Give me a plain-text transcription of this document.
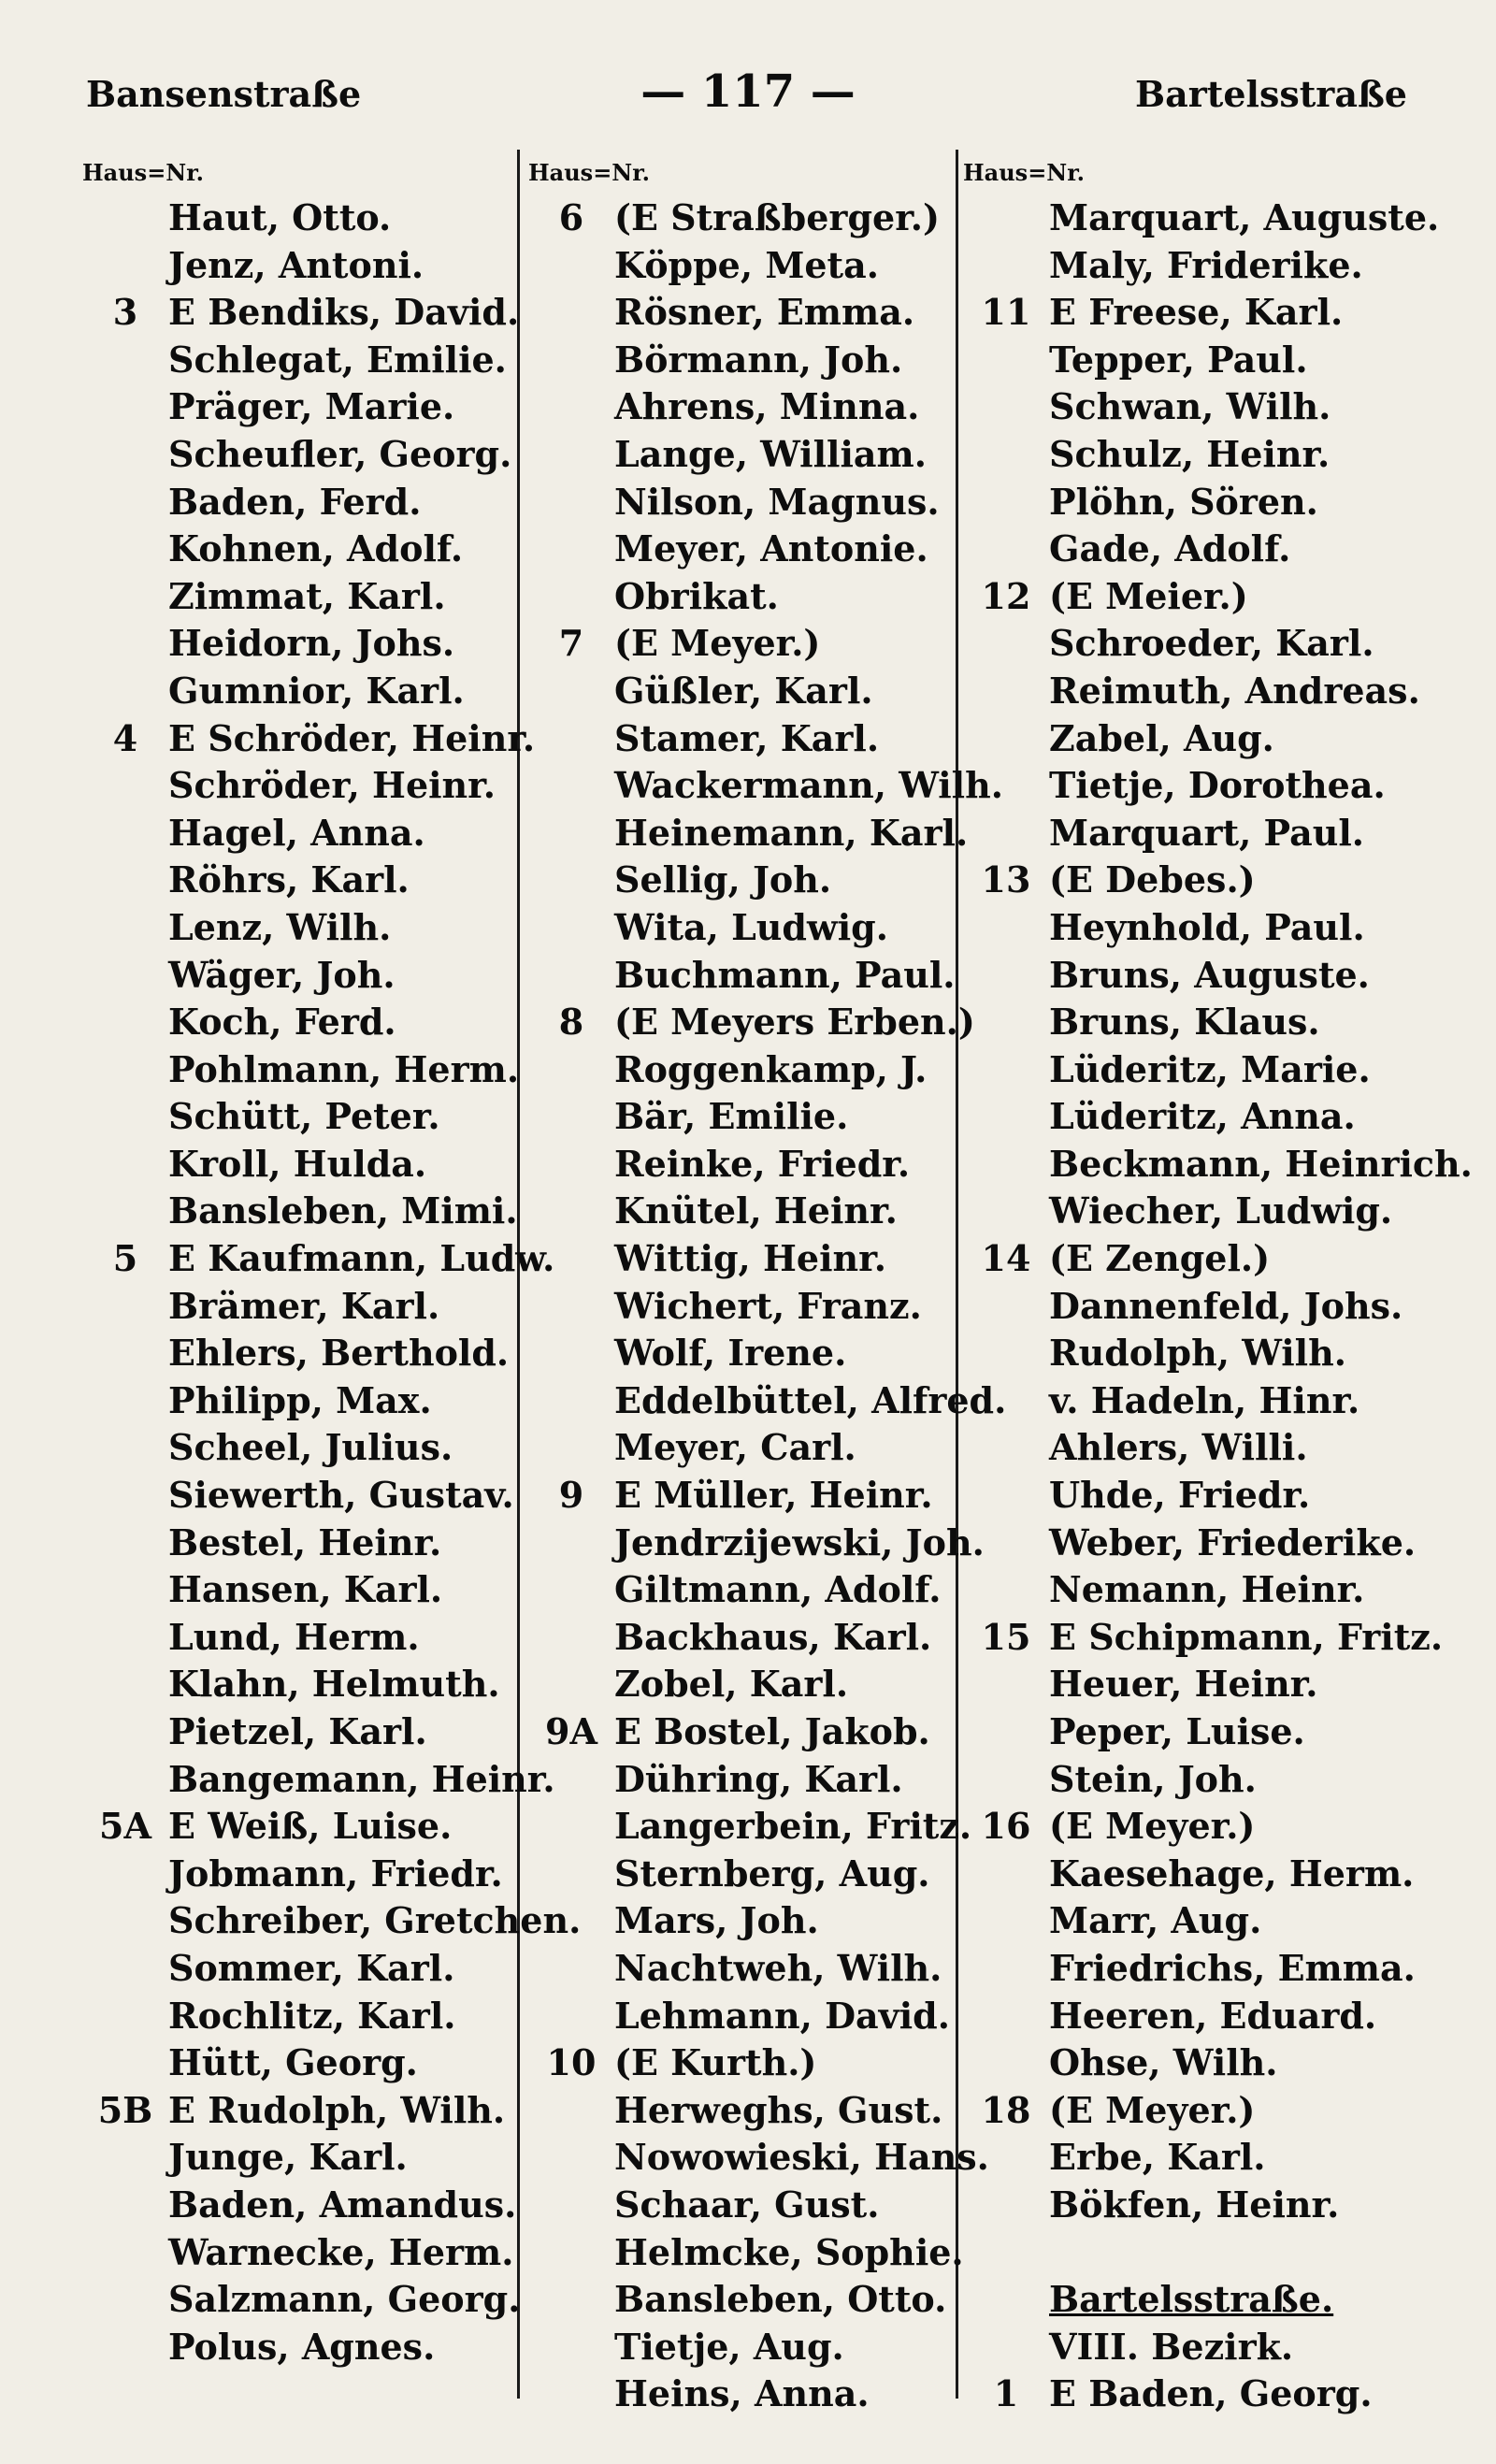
Bansenstraße	— 117 —	Bartelsstraße
Haus=Nr.
Haut, Otto.
Jenz, Antoni.
3 E Bendiks, David.
Schlegat, Emilie.
Präger, Marie.
Scheufler, Georg.
Baden, Ferd.
Kohnen, Adolf.
Zimmat, Karl.
Heidorn, Johs.
Gumnior, Karl.
4 E Schröder, Heinr.
Schröder, Heinr.
Hagel, Anna.
Röhrs, Karl.
Lenz, Wilh.
Wäger, Joh.
Koch, Ferd.
Pohlmann, Herm.
Schütt, Peter.
Kroll, Hulda.
Bansleben, Mimi.
5 E Kaufmann, Ludw.
Brämer, Karl.
Ehlers, Berthold.
Philipp, Max.
Scheel, Julius.
Siewerth, Gustav.
Bestel, Heinr.
Hansen, Karl.
Lund, Herm.
Klahn, Helmuth.
Pietzel, Karl.
Bangemann, Heinr.
5A E Weiß, Luise.
Jobmann, Friedr.
Schreiber, Gretchen.
Sommer, Karl.
Rochlitz, Karl.
Hütt, Georg.
5B E Rudolph, Wilh.
Junge, Karl.
Baden, Amandus.
Warnecke, Herm.
Salzmann, Georg.
Polus, Agnes.
Haus=Nr.
6 (E Straßberger.)
Köppe, Meta.
Rösner, Emma.
Börmann, Joh.
Ahrens, Minna.
Lange, William.
Nilson, Magnus.
Meyer, Antonie.
Obrikat.
7 (E Meyer.)
Güßler, Karl.
Stamer, Karl.
Wackermann, Wilh.
Heinemann, Karl.
Sellig, Joh.
Wita, Ludwig.
Buchmann, Paul.
8 (E Meyers Erben.)
Roggenkamp, J.
Bär, Emilie.
Reinke, Friedr.
Knütel, Heinr.
Wittig, Heinr.
Wichert, Franz.
Wolf, Irene.
Eddelbüttel, Alfred.
Meyer, Carl.
9 E Müller, Heinr.
Jendrzijewski, Joh.
Giltmann, Adolf.
Backhaus, Karl.
Zobel, Karl.
9A E Bostel, Jakob.
Dühring, Karl.
Langerbein, Fritz.
Sternberg, Aug.
Mars, Joh.
Nachtweh, Wilh.
Lehmann, David.
10 (E Kurth.)
Herweghs, Gust.
Nowowieski, Hans.
Schaar, Gust.
Helmcke, Sophie.
Bansleben, Otto.
Tietje, Aug.
Heins, Anna.
Haus=Nr.
Marquart, Auguste.
Maly, Friderike.
11 E Freese, Karl.
Tepper, Paul.
Schwan, Wilh.
Schulz, Heinr.
Plöhn, Sören.
Gade, Adolf.
12 (E Meier.)
Schroeder, Karl.
Reimuth, Andreas.
Zabel, Aug.
Tietje, Dorothea.
Marquart, Paul.
13 (E Debes.)
Heynhold, Paul.
Bruns, Auguste.
Bruns, Klaus.
Lüderitz, Marie.
Lüderitz, Anna.
Beckmann, Heinrich.
Wiecher, Ludwig.
14 (E Zengel.)
Dannenfeld, Johs.
Rudolph, Wilh.
v. Hadeln, Hinr.
Ahlers, Willi.
Uhde, Friedr.
Weber, Friederike.
Nemann, Heinr.
15 E Schipmann, Fritz.
Heuer, Heinr.
Peper, Luise.
Stein, Joh.
16 (E Meyer.)
Kaesehage, Herm.
Marr, Aug.
Friedrichs, Emma.
Heeren, Eduard.
Ohse, Wilh.
18 (E Meyer.)
Erbe, Karl.
Bökfen, Heinr.
Bartelsstraße.
VIII. Bezirk.
1 E Baden, Georg.
